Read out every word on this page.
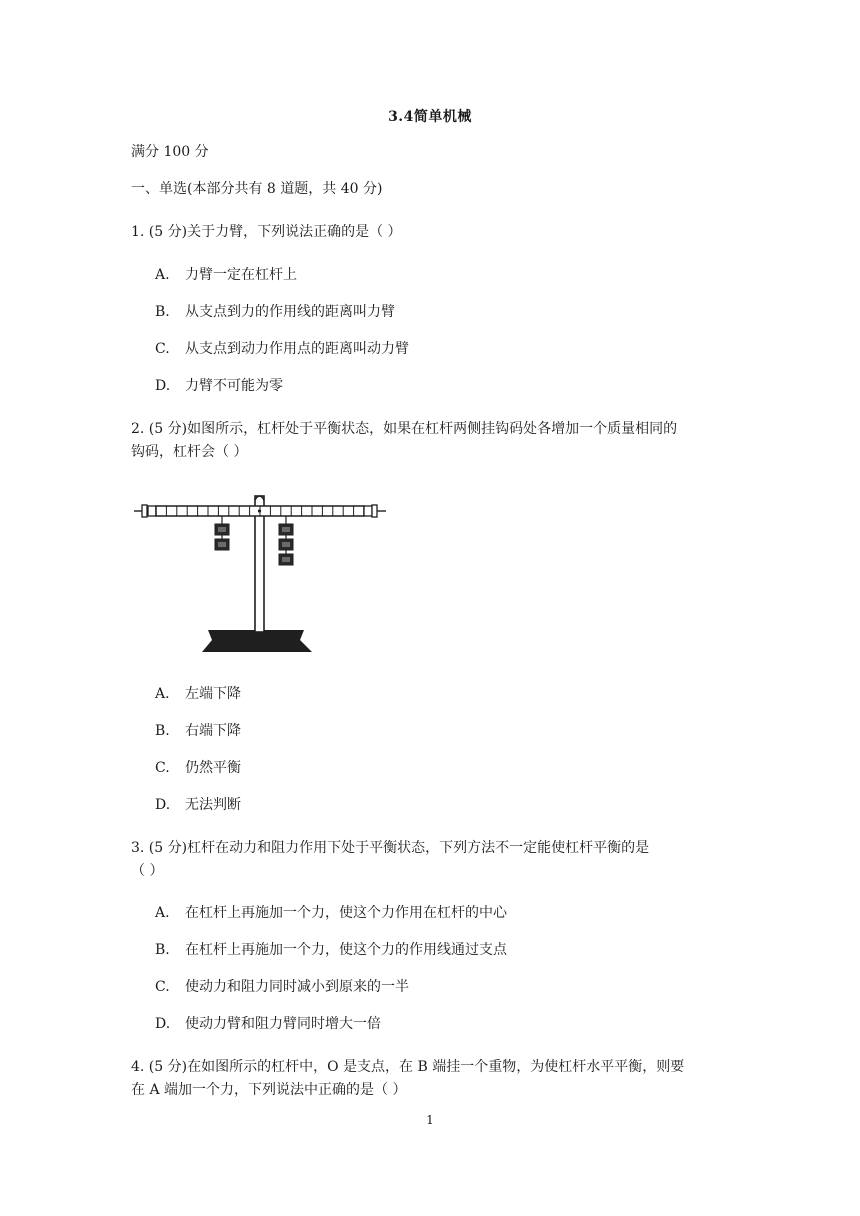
3.4简单机械
满分 100 分
一、单选(本部分共有 8 道题，共 40 分)
1. (5 分)关于力臂，下列说法正确的是（ ）
A. 力臂一定在杠杆上
B. 从支点到力的作用线的距离叫力臂
C. 从支点到动力作用点的距离叫动力臂
D. 力臂不可能为零
2. (5 分)如图所示，杠杆处于平衡状态，如果在杠杆两侧挂钩码处各增加一个质量相同的
钩码，杠杆会（ ）
A. 左端下降
B. 右端下降
C. 仍然平衡
D. 无法判断
3. (5 分)杠杆在动力和阻力作用下处于平衡状态，下列方法不一定能使杠杆平衡的是
（ ）
A. 在杠杆上再施加一个力，使这个力作用在杠杆的中心
B. 在杠杆上再施加一个力，使这个力的作用线通过支点
C. 使动力和阻力同时减小到原来的一半
D. 使动力臂和阻力臂同时增大一倍
4. (5 分)在如图所示的杠杆中，O 是支点，在 B 端挂一个重物，为使杠杆水平平衡，则要
在 A 端加一个力，下列说法中正确的是（ ）
1
